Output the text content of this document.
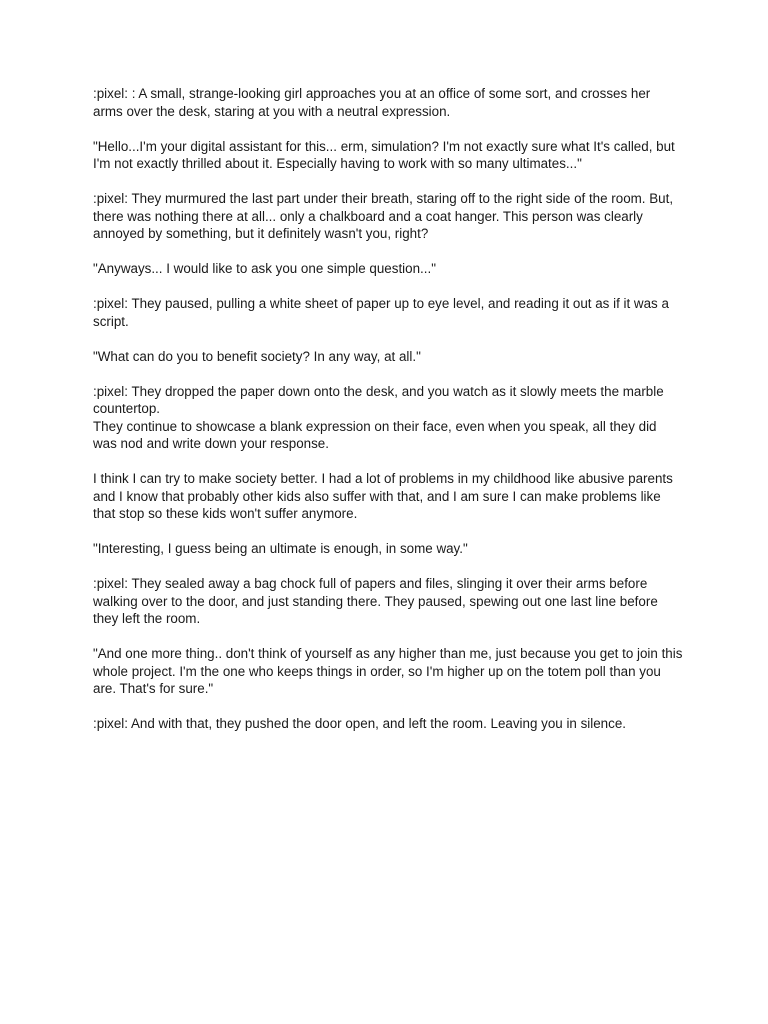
:pixel: : A small, strange-looking girl approaches you at an office of some sort, and crosses her arms over the desk, staring at you with a neutral expression.

"Hello...I'm your digital assistant for this... erm, simulation? I'm not exactly sure what It's called, but I'm not exactly thrilled about it. Especially having to work with so many ultimates..."

:pixel: They murmured the last part under their breath, staring off to the right side of the room. But, there was nothing there at all... only a chalkboard and a coat hanger. This person was clearly annoyed by something, but it definitely wasn't you, right?

"Anyways... I would like to ask you one simple question..."

:pixel: They paused, pulling a white sheet of paper up to eye level, and reading it out as if it was a script.

"What can do you to benefit society? In any way, at all."

:pixel: They dropped the paper down onto the desk, and you watch as it slowly meets the marble countertop.
They continue to showcase a blank expression on their face, even when you speak, all they did was nod and write down your response.

I think I can try to make society better. I had a lot of problems in my childhood like abusive parents and I know that probably other kids also suffer with that, and I am sure I can make problems like that stop so these kids won't suffer anymore.

"Interesting, I guess being an ultimate is enough, in some way."

:pixel: They sealed away a bag chock full of papers and files, slinging it over their arms before walking over to the door, and just standing there. They paused, spewing out one last line before they left the room.

"And one more thing.. don't think of yourself as any higher than me, just because you get to join this whole project. I'm the one who keeps things in order, so I'm higher up on the totem poll than you are. That's for sure."

:pixel: And with that, they pushed the door open, and left the room. Leaving you in silence.
